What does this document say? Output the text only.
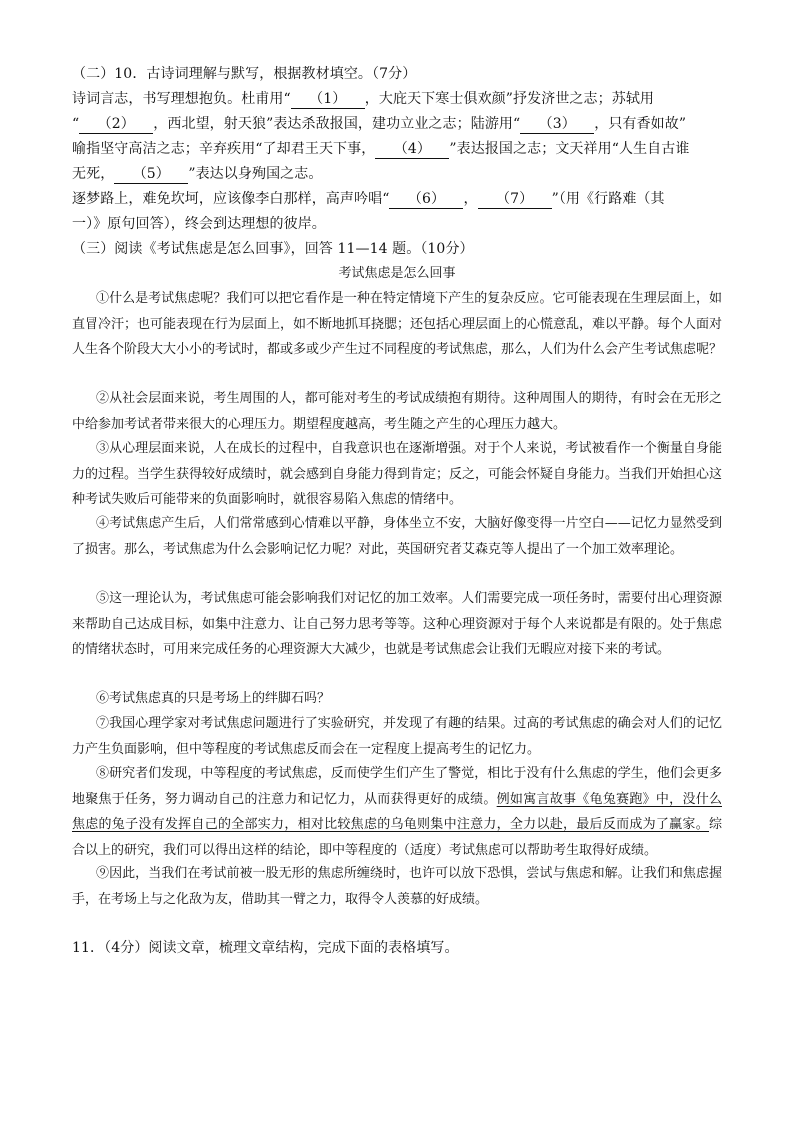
（二）10．古诗词理解与默写，根据教材填空。（7分）
诗词言志，书写理想抱负。杜甫用“ （1） ，大庇天下寒士俱欢颜”抒发济世之志；苏轼用
“ （2） ，西北望，射天狼”表达杀敌报国，建功立业之志；陆游用“ （3） ，只有香如故”
喻指坚守高洁之志；辛弃疾用“了却君王天下事， （4） ”表达报国之志；文天祥用“人生自古谁
无死， （5） ”表达以身殉国之志。
逐梦路上，难免坎坷，应该像李白那样，高声吟唱“ （6） ， （7） ”（用《行路难（其
一）》原句回答），终会到达理想的彼岸。
（三）阅读《考试焦虑是怎么回事》，回答 11—14 题。（10分）
考试焦虑是怎么回事
①什么是考试焦虑呢？我们可以把它看作是一种在特定情境下产生的复杂反应。它可能表现在生理层面上，如直冒冷汗；也可能表现在行为层面上，如不断地抓耳挠腮；还包括心理层面上的心慌意乱，难以平静。每个人面对人生各个阶段大大小小的考试时，都或多或少产生过不同程度的考试焦虑，那么，人们为什么会产生考试焦虑呢？
②从社会层面来说，考生周围的人，都可能对考生的考试成绩抱有期待。这种周围人的期待，有时会在无形之中给参加考试者带来很大的心理压力。期望程度越高，考生随之产生的心理压力越大。
③从心理层面来说，人在成长的过程中，自我意识也在逐渐增强。对于个人来说，考试被看作一个衡量自身能力的过程。当学生获得较好成绩时，就会感到自身能力得到肯定；反之，可能会怀疑自身能力。当我们开始担心这种考试失败后可能带来的负面影响时，就很容易陷入焦虑的情绪中。
④考试焦虑产生后，人们常常感到心情难以平静，身体坐立不安，大脑好像变得一片空白——记忆力显然受到了损害。那么，考试焦虑为什么会影响记忆力呢？对此，英国研究者艾森克等人提出了一个加工效率理论。
⑤这一理论认为，考试焦虑可能会影响我们对记忆的加工效率。人们需要完成一项任务时，需要付出心理资源来帮助自己达成目标，如集中注意力、让自己努力思考等等。这种心理资源对于每个人来说都是有限的。处于焦虑的情绪状态时，可用来完成任务的心理资源大大减少，也就是考试焦虑会让我们无暇应对接下来的考试。
⑥考试焦虑真的只是考场上的绊脚石吗？
⑦我国心理学家对考试焦虑问题进行了实验研究，并发现了有趣的结果。过高的考试焦虑的确会对人们的记忆力产生负面影响，但中等程度的考试焦虑反而会在一定程度上提高考生的记忆力。
⑧研究者们发现，中等程度的考试焦虑，反而使学生们产生了警觉，相比于没有什么焦虑的学生，他们会更多地聚焦于任务，努力调动自己的注意力和记忆力，从而获得更好的成绩。例如寓言故事《龟兔赛跑》中，没什么焦虑的兔子没有发挥自己的全部实力，相对比较焦虑的乌龟则集中注意力，全力以赴，最后反而成为了赢家。综合以上的研究，我们可以得出这样的结论，即中等程度的（适度）考试焦虑可以帮助考生取得好成绩。
⑨因此，当我们在考试前被一股无形的焦虑所缠绕时，也许可以放下恐惧，尝试与焦虑和解。让我们和焦虑握手，在考场上与之化敌为友，借助其一臂之力，取得令人羡慕的好成绩。
11．（4分）阅读文章，梳理文章结构，完成下面的表格填写。
